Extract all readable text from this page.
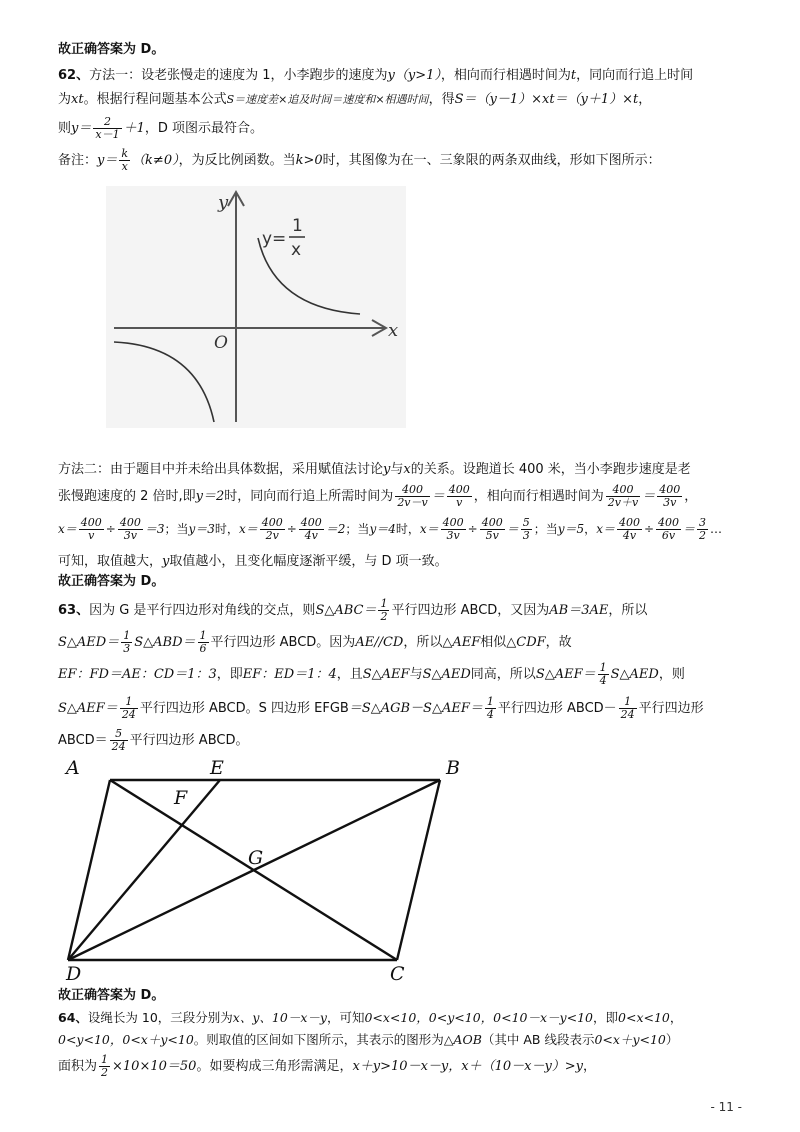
故正确答案为 D。
62、方法一：设老张慢走的速度为 1，小李跑步的速度为y（y>1），相向而行相遇时间为t，同向而行追上时间
为xt。根据行程问题基本公式S＝速度差×追及时间＝速度和×相遇时间，得S＝（y－1）×xt＝（y＋1）×t，
则$y= \frac{2}{x-1} +1$，D 项图示最符合。
备注：$y= \frac{k}{x} (k\ne 0)$，为反比例函数。当k>0时，其图像为在一、三象限的两条双曲线，形如下图所示：
y
x
O
y=
1
x
方法二：由于题目中并未给出具体数据，采用赋值法讨论y与x的关系。设跑道长 400 米，当小李跑步速度是老
张慢跑速度的 2 倍时,即y＝2时，同向而行追上所需时间为 $\frac{400}{2v-v} = \frac{400}{v}$ ，相向而行相遇时间为 $\frac{400}{2v+v} = \frac{400}{3v}$ ，
$x= \frac{400}{v} \div \frac{400}{3v} =3$；当y＝3时，$x= \frac{400}{2v} \div \frac{400}{4v} =2$；当y＝4时，$x= \frac{400}{3v} \div \frac{400}{5v} = \frac{5}{3}$ ；当y＝5，$x= \frac{400}{4v} \div \frac{400}{6v} = \frac{3}{2}$ …
可知，取值越大，y取值越小，且变化幅度逐渐平缓，与 D 项一致。
故正确答案为 D。
63、因为 G 是平行四边形对角线的交点，则S△ABC＝ $\frac{1}{2}$ 平行四边形 ABCD，又因为AB＝3AE，所以
S△AED＝ $\frac{1}{3}$ S△ABD＝ $\frac{1}{6}$ 平行四边形 ABCD。因为AE//CD，所以△AEF相似△CDF，故
EF：FD＝AE：CD＝1：3，即EF：ED＝1：4，且S△AEF与S△AED同高，所以S△AEF＝ $\frac{1}{4}$ S△AED，则
S△AEF＝ $\frac{1}{24}$ 平行四边形 ABCD。S 四边形 EFGB＝S△AGB－S△AEF＝ $\frac{1}{4}$ 平行四边形 ABCD－ $\frac{1}{24}$ 平行四边形
ABCD＝ $\frac{5}{24}$ 平行四边形 ABCD。
A	E	B
F
G
D	C
故正确答案为 D。
64、设绳长为 10，三段分别为x、y、10－x－y，可知0<x<10，0<y<10，0<10－x－y<10，即0<x<10，
0<y<10，0<x＋y<10。则取值的区间如下图所示，其表示的图形为△AOB（其中 AB 线段表示0<x＋y<10）
面积为 $\frac{1}{2} \times 10\times 10=50$。如要构成三角形需满足，x＋y>10－x－y，x＋（10－x－y）>y，
- 11 -
